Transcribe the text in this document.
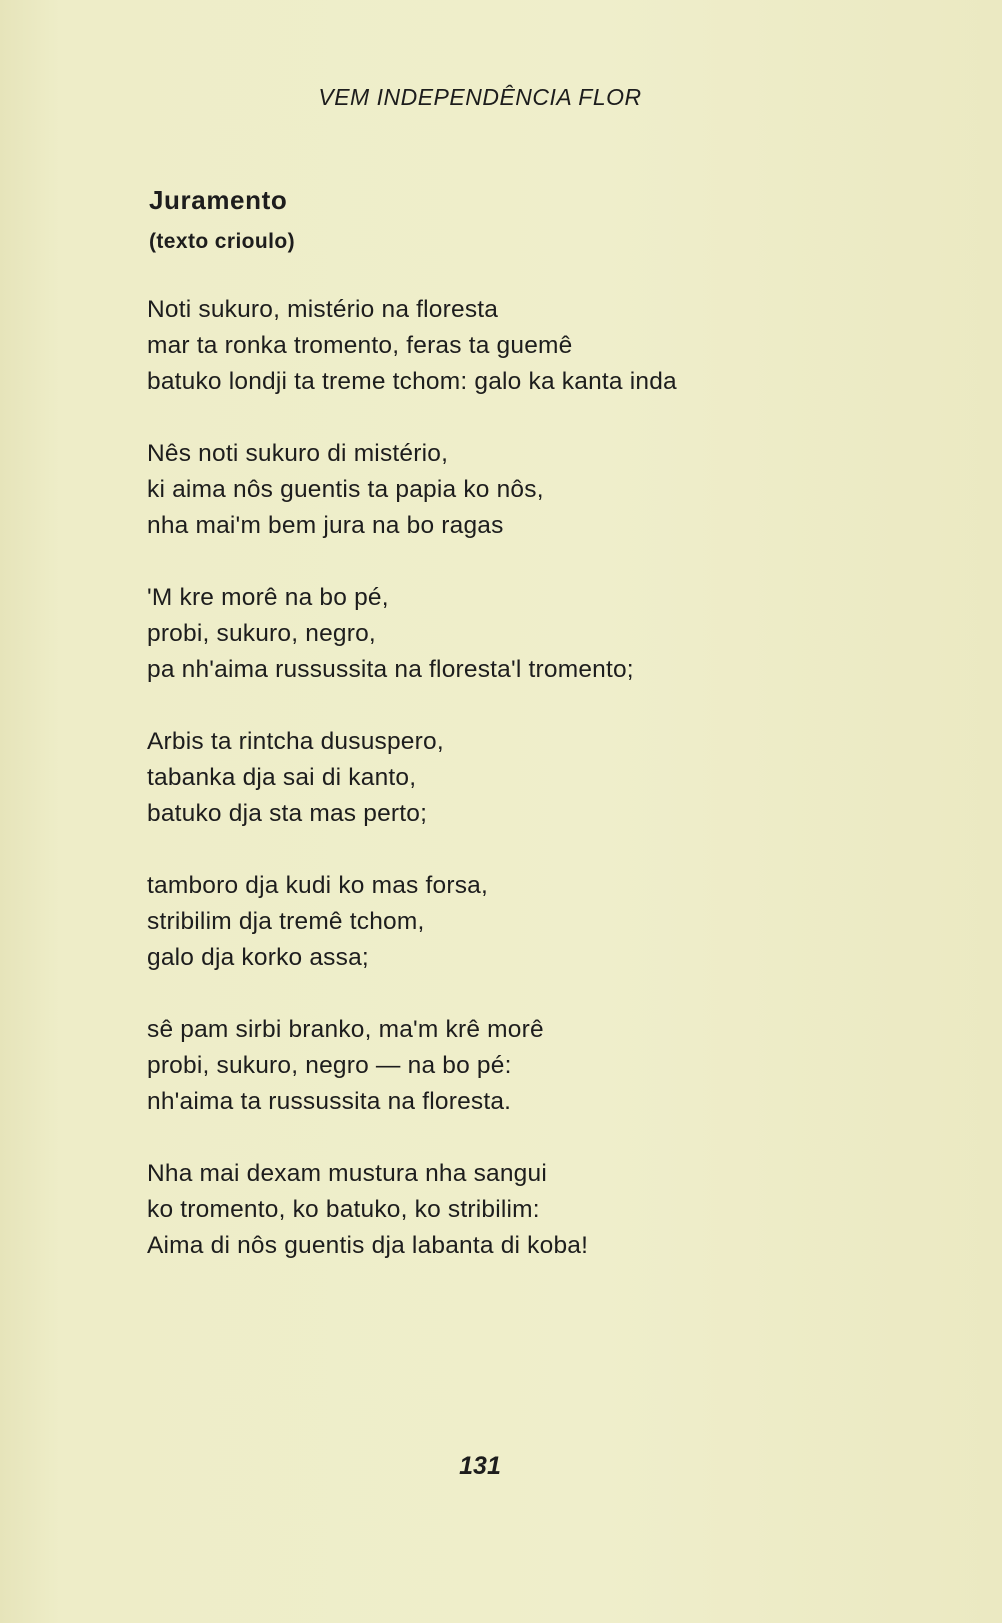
VEM INDEPENDÊNCIA FLOR
Juramento
(texto crioulo)
Noti sukuro, mistério na floresta
mar ta ronka tromento, feras ta guemê
batuko londji ta treme tchom: galo ka kanta inda
Nês noti sukuro di mistério,
ki aima nôs guentis ta papia ko nôs,
nha mai'm bem jura na bo ragas
'M kre morê na bo pé,
probi, sukuro, negro,
pa nh'aima russussita na floresta'l tromento;
Arbis ta rintcha dususpero,
tabanka dja sai di kanto,
batuko dja sta mas perto;
tamboro dja kudi ko mas forsa,
stribilim dja tremê tchom,
galo dja korko assa;
sê pam sirbi branko, ma'm krê morê
probi, sukuro, negro — na bo pé:
nh'aima ta russussita na floresta.
Nha mai dexam mustura nha sangui
ko tromento, ko batuko, ko stribilim:
Aima di nôs guentis dja labanta di koba!
131
